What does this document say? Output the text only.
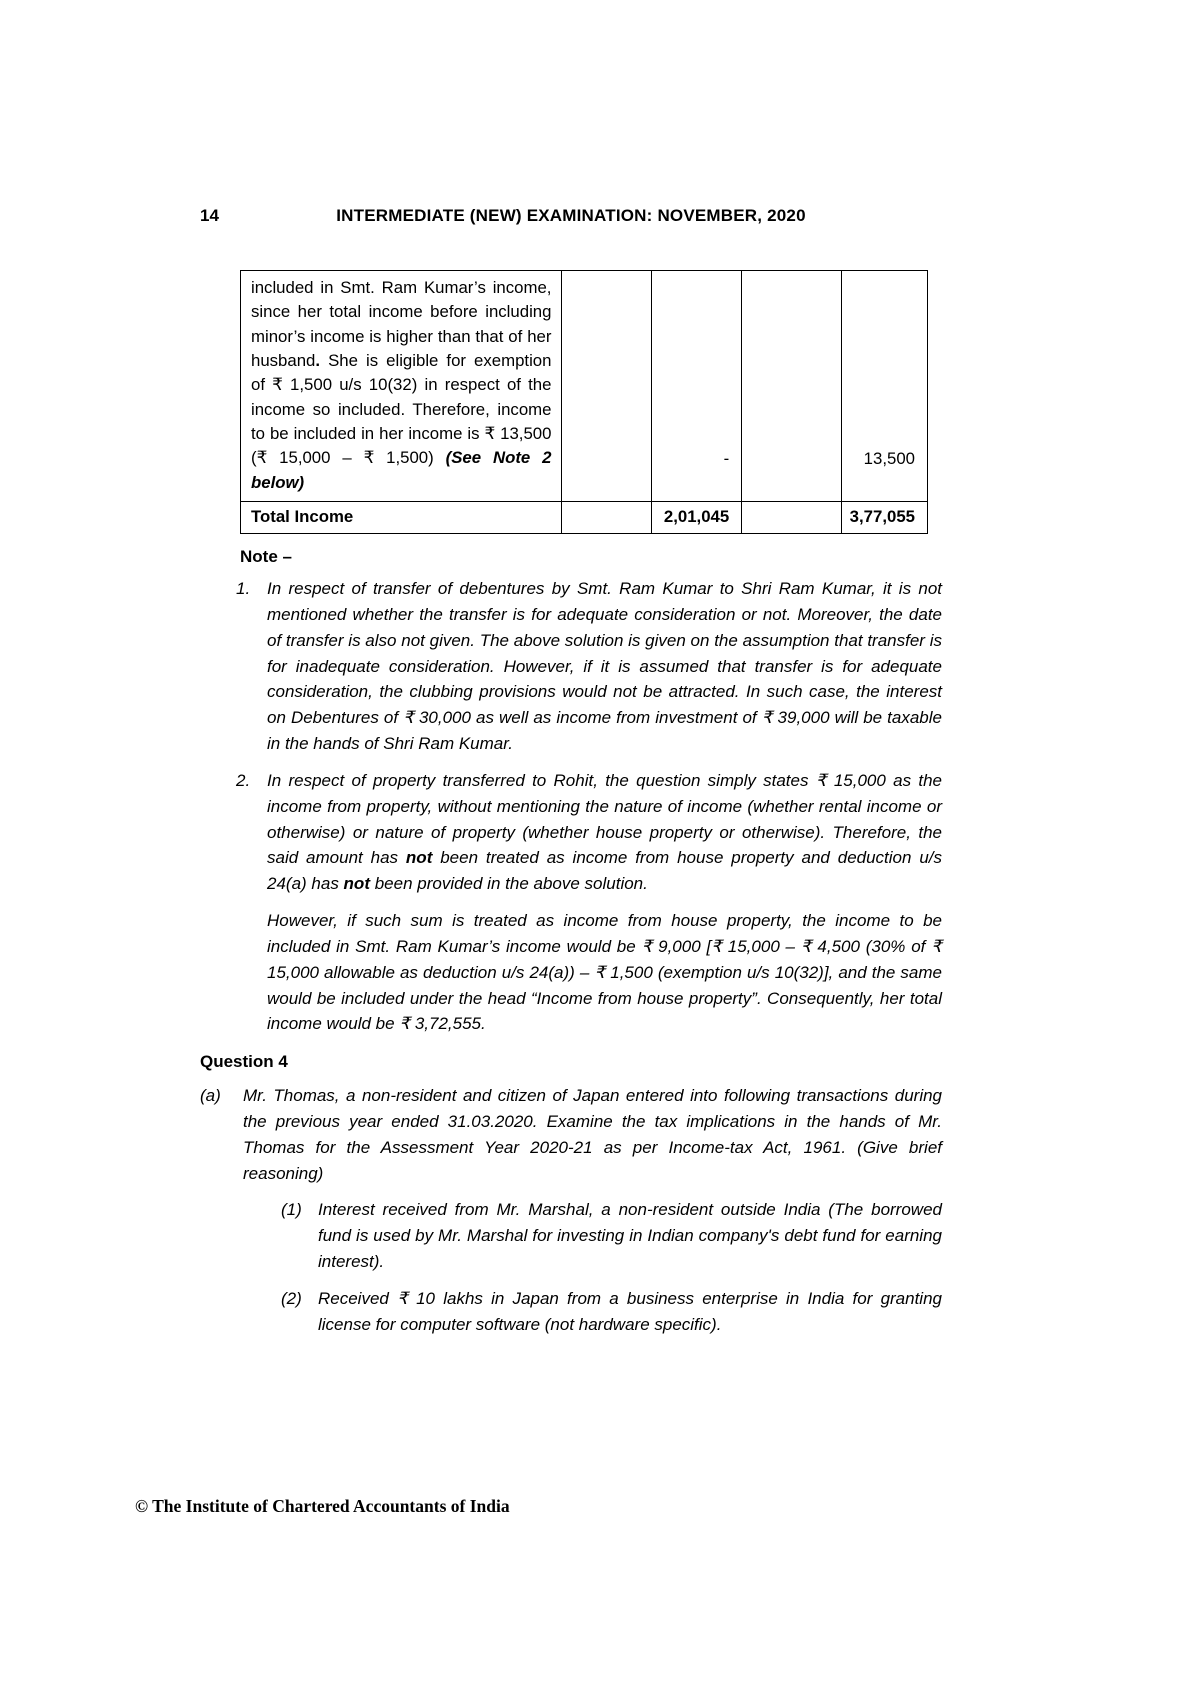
14	INTERMEDIATE (NEW) EXAMINATION: NOVEMBER, 2020
included in Smt. Ram Kumar’s income, since her total income before including minor’s income is higher than that of her husband. She is eligible for exemption of ₹ 1,500 u/s 10(32) in respect of the income so included. Therefore, income to be included in her income is ₹ 13,500 (₹ 15,000 – ₹ 1,500) (See Note 2 below)		-		13,500
Total Income		2,01,045		3,77,055
Note –
1. In respect of transfer of debentures by Smt. Ram Kumar to Shri Ram Kumar, it is not mentioned whether the transfer is for adequate consideration or not. Moreover, the date of transfer is also not given. The above solution is given on the assumption that transfer is for inadequate consideration. However, if it is assumed that transfer is for adequate consideration, the clubbing provisions would not be attracted. In such case, the interest on Debentures of ₹ 30,000 as well as income from investment of ₹ 39,000 will be taxable in the hands of Shri Ram Kumar.

2. In respect of property transferred to Rohit, the question simply states ₹ 15,000 as the income from property, without mentioning the nature of income (whether rental income or otherwise) or nature of property (whether house property or otherwise). Therefore, the said amount has not been treated as income from house property and deduction u/s 24(a) has not been provided in the above solution.

However, if such sum is treated as income from house property, the income to be included in Smt. Ram Kumar’s income would be ₹ 9,000 [₹ 15,000 – ₹ 4,500 (30% of ₹ 15,000 allowable as deduction u/s 24(a)) – ₹ 1,500 (exemption u/s 10(32)], and the same would be included under the head “Income from house property”. Consequently, her total income would be ₹ 3,72,555.

Question 4
(a)	Mr. Thomas, a non-resident and citizen of Japan entered into following transactions during the previous year ended 31.03.2020. Examine the tax implications in the hands of Mr. Thomas for the Assessment Year 2020-21 as per Income-tax Act, 1961. (Give brief reasoning)
(1) Interest received from Mr. Marshal, a non-resident outside India (The borrowed fund is used by Mr. Marshal for investing in Indian company's debt fund for earning interest).
(2) Received ₹ 10 lakhs in Japan from a business enterprise in India for granting license for computer software (not hardware specific).
© The Institute of Chartered Accountants of India
